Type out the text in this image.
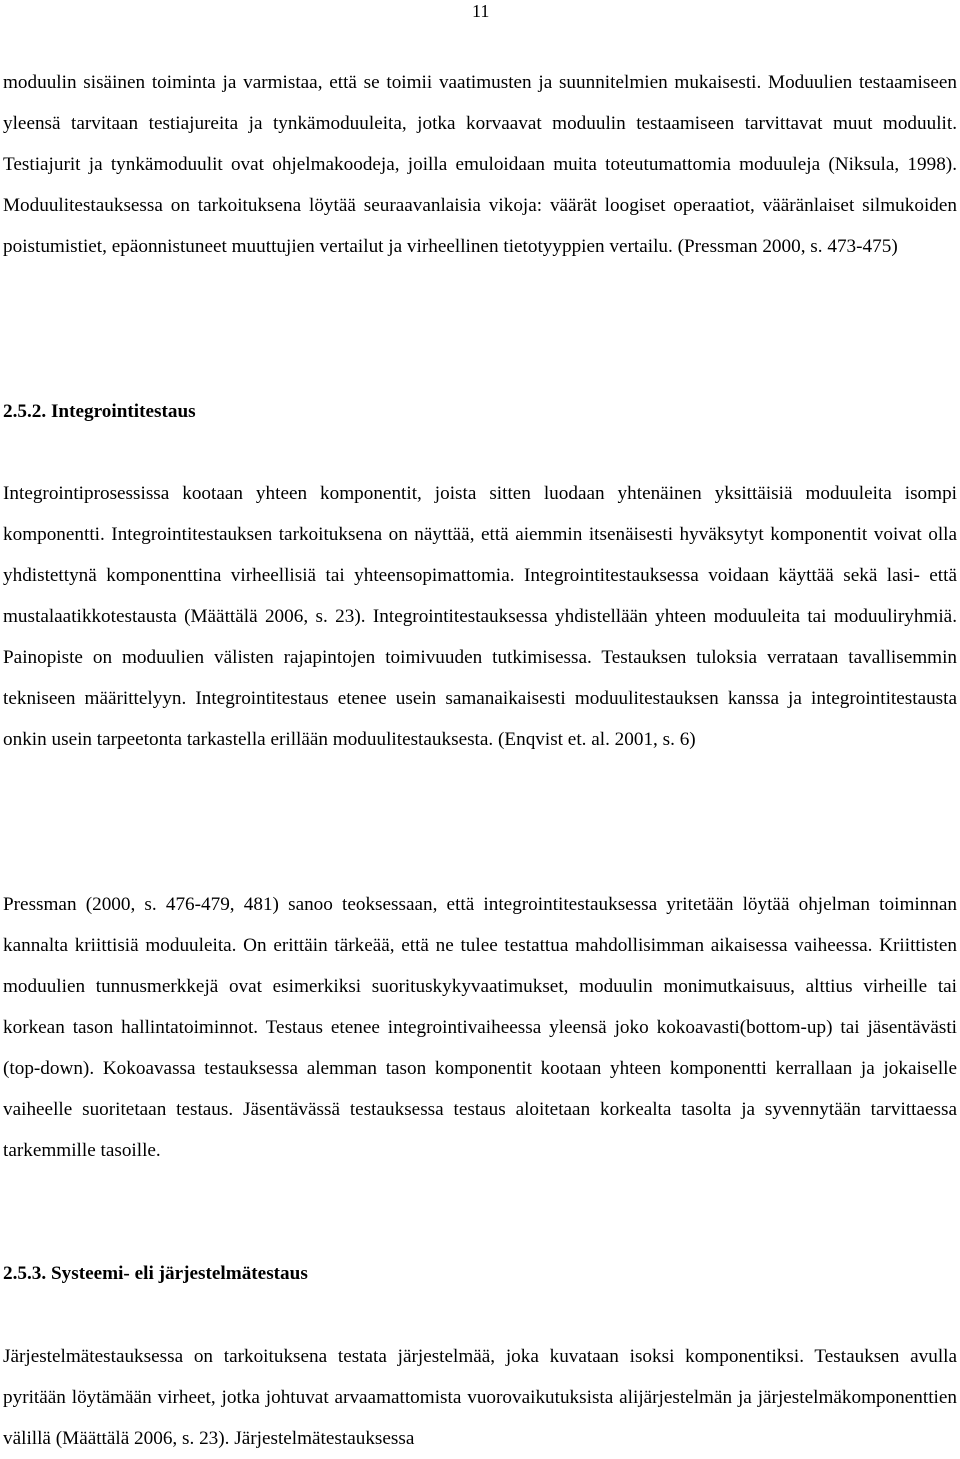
11

moduulin sisäinen toiminta ja varmistaa, että se toimii vaatimusten ja suunnitelmien mukaisesti. Moduulien testaamiseen yleensä tarvitaan testiajureita ja tynkämoduuleita, jotka korvaavat moduulin testaamiseen tarvittavat muut moduulit. Testiajurit ja tynkämoduulit ovat ohjelmakoodeja, joilla emuloidaan muita toteutumattomia moduuleja (Niksula, 1998). Moduulitestauksessa on tarkoituksena löytää seuraavanlaisia vikoja: väärät loogiset operaatiot, vääränlaiset silmukoiden poistumistiet, epäonnistuneet muuttujien vertailut ja virheellinen tietotyyppien vertailu. (Pressman 2000, s. 473-475)

2.5.2. Integrointitestaus

Integrointiprosessissa kootaan yhteen komponentit, joista sitten luodaan yhtenäinen yksittäisiä moduuleita isompi komponentti. Integrointitestauksen tarkoituksena on näyttää, että aiemmin itsenäisesti hyväksytyt komponentit voivat olla yhdistettynä komponenttina virheellisiä tai yhteensopimattomia. Integrointitestauksessa voidaan käyttää sekä lasi- että mustalaatikkotestausta (Määttälä 2006, s. 23). Integrointitestauksessa yhdistellään yhteen moduuleita tai moduuliryhmiä. Painopiste on moduulien välisten rajapintojen toimivuuden tutkimisessa. Testauksen tuloksia verrataan tavallisemmin tekniseen määrittelyyn. Integrointitestaus etenee usein samanaikaisesti moduulitestauksen kanssa ja integrointitestausta onkin usein tarpeetonta tarkastella erillään moduulitestauksesta. (Enqvist et. al. 2001, s. 6)

Pressman (2000, s. 476-479, 481) sanoo teoksessaan, että integrointitestauksessa yritetään löytää ohjelman toiminnan kannalta kriittisiä moduuleita. On erittäin tärkeää, että ne tulee testattua mahdollisimman aikaisessa vaiheessa. Kriittisten moduulien tunnusmerkkejä ovat esimerkiksi suorituskykyvaatimukset, moduulin monimutkaisuus, alttius virheille tai korkean tason hallintatoiminnot. Testaus etenee integrointivaiheessa yleensä joko kokoavasti(bottom-up) tai jäsentävästi (top-down). Kokoavassa testauksessa alemman tason komponentit kootaan yhteen komponentti kerrallaan ja jokaiselle vaiheelle suoritetaan testaus. Jäsentävässä testauksessa testaus aloitetaan korkealta tasolta ja syvennytään tarvittaessa tarkemmille tasoille.

2.5.3. Systeemi- eli järjestelmätestaus

Järjestelmätestauksessa on tarkoituksena testata järjestelmää, joka kuvataan isoksi komponentiksi. Testauksen avulla pyritään löytämään virheet, jotka johtuvat arvaamattomista vuorovaikutuksista alijärjestelmän ja järjestelmäkomponenttien välillä (Määttälä 2006, s. 23). Järjestelmätestauksessa
